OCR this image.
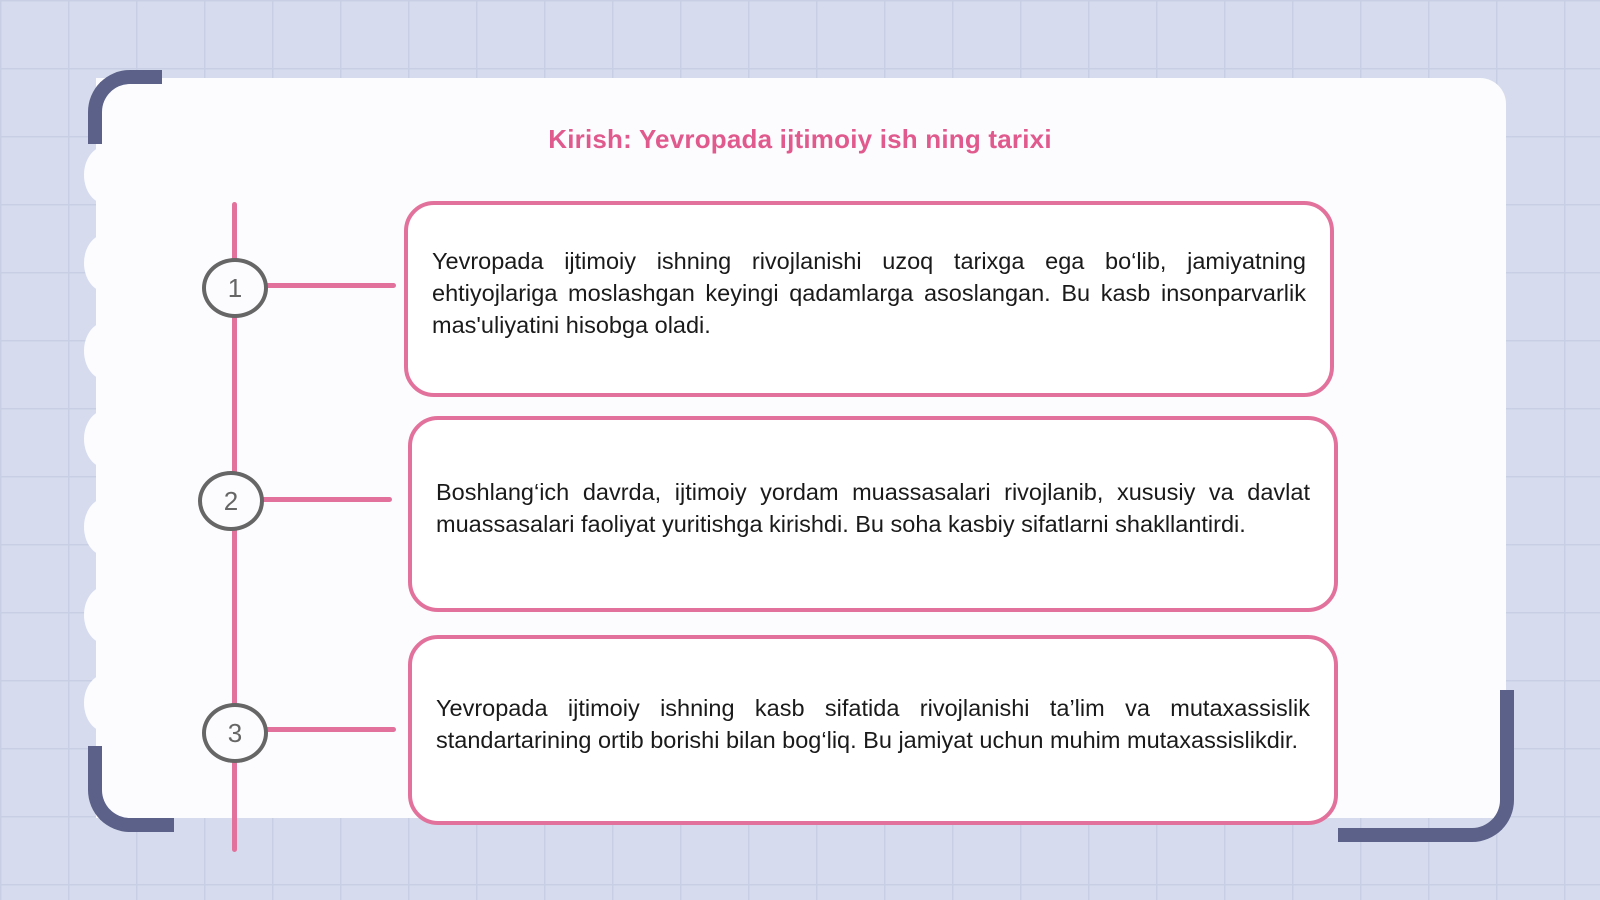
Kirish: Yevropada ijtimoiy ish ning tarixi
1
2
3

Yevropada ijtimoiy ishning rivojlanishi uzoq tarixga ega bo‘lib, jamiyatning ehtiyojlariga moslashgan keyingi qadamlarga asoslangan. Bu kasb insonparvarlik mas'uliyatini hisobga oladi.

Boshlang‘ich davrda, ijtimoiy yordam muassasalari rivojlanib, xususiy va davlat muassasalari faoliyat yuritishga kirishdi. Bu soha kasbiy sifatlarni shakllantirdi.

Yevropada ijtimoiy ishning kasb sifatida rivojlanishi ta’lim va mutaxassislik standartarining ortib borishi bilan bog‘liq. Bu jamiyat uchun muhim mutaxassislikdir.
